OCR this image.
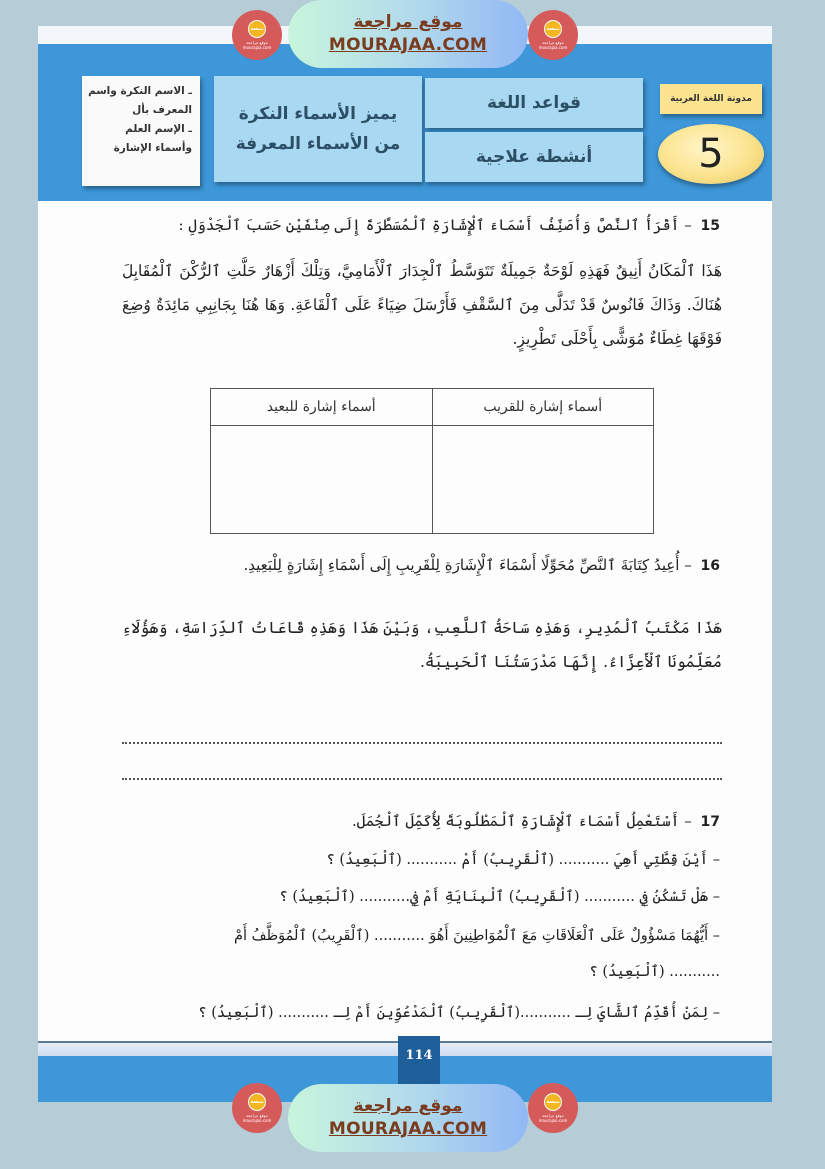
ـ الاسم النكرة واسم المعرف بأل
ـ الإسم العلم وأسماء الإشارة
يميز الأسماء النكرة
من الأسماء المعرفة
قواعد اللغة
أنشطة علاجية
مدونة اللغة العربية
5
15 – أَقْرَأُ ٱلنَّصَّ وَأُصَنِّفُ أَسْمَاءَ ٱلْإِشَارَةِ ٱلْمُسَطَّرَةَ إِلَى صِنْفَيْنِ حَسَبَ ٱلْجَدْوَلِ :
هَذَا ٱلْمَكَانُ أَنِيقٌ فَهَذِهِ لَوْحَةٌ جَمِيلَةٌ تَتَوَسَّطُ ٱلْجِدَارَ ٱلْأَمَامِيَّ، وَتِلْكَ أَزْهَارٌ حَلَّتِ ٱلرُّكْنَ ٱلْمُقَابِلَ هُنَاكَ. وَذَاكَ فَانُوسٌ قَدْ تَدَلَّى مِنَ ٱلسَّقْفِ فَأَرْسَلَ ضِيَاءً عَلَى ٱلْقَاعَةِ. وَهَا هُنَا بِجَانِبِي مَائِدَةٌ وُضِعَ فَوْقَهَا غِطَاءٌ مُوَشًّى بِأَحْلَى تَطْرِيزٍ.
أسماء إشارة للقريب	أسماء إشارة للبعيد

16 – أُعِيدُ كِتَابَةَ ٱلنَّصِّ مُحَوِّلًا أَسْمَاءَ ٱلْإِشَارَةِ لِلْقَرِيبِ إِلَى أَسْمَاءِ إِشَارَةٍ لِلْبَعِيدِ.
هَذَا مَكْتَبُ ٱلْمُدِيرِ، وَهَذِهِ سَاحَةُ ٱللَّعِبِ، وَبَيْنَ هَذَا وَهَذِهِ قَاعَاتُ ٱلدِّرَاسَةِ، وَهَؤُلَاءِ مُعَلِّمُونَا ٱلْأَعِزَّاءُ. إِنَّهَا مَدْرَسَتُنَا ٱلْحَبِيبَةُ.
17 – أَسْتَعْمِلُ أَسْمَاءَ ٱلْإِشَارَةِ ٱلْمَطْلُوبَةَ لِأُكَمِّلَ ٱلْجُمَلَ.
– أَيْنَ قِطَّتِي أَهِيَ ........... (ٱلْقَرِيبُ) أَمْ ........... (ٱلْبَعِيدُ) ؟
– هَلْ تَسْكُنُ فِي ........... (ٱلْقَرِيبُ) ٱلْبِنَايَةِ أَمْ فِي........... (ٱلْبَعِيدُ) ؟
– أَيُّهُمَا مَسْؤُولٌ عَلَى ٱلْعَلَاقَاتِ مَعَ ٱلْمُوَاطِنِينَ أَهُوَ ........... (ٱلْقَرِيبُ) ٱلْمُوَظَّفُ أَمْ
........... (ٱلْبَعِيدُ) ؟
– لِمَنْ أُقَدِّمُ ٱلشَّايَ لِـ ...........(ٱلْقَرِيبُ) ٱلْمَدْعُوِّينَ أَمْ لِـ ........... (ٱلْبَعِيدُ) ؟
114
منصة
موقع مراجعة mourajaa.com
موقع مراجعة
MOURAJAA.COM
منصة
موقع مراجعة mourajaa.com
منصة
موقع مراجعة mourajaa.com
موقع مراجعة
MOURAJAA.COM
منصة
موقع مراجعة mourajaa.com
